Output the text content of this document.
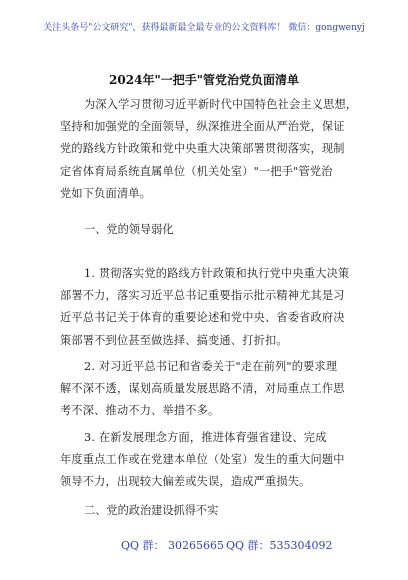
关注头条号"公文研究"，获得最新最全最专业的公文资料库！ 微信：gongwenyj
2024年"一把手"管党治党负面清单
为深入学习贯彻习近平新时代中国特色社会主义思想，
坚持和加强党的全面领导，纵深推进全面从严治党，保证
党的路线方针政策和党中央重大决策部署贯彻落实，现制
定省体育局系统直属单位（机关处室）"一把手"管党治
党如下负面清单。
一、党的领导弱化
1. 贯彻落实党的路线方针政策和执行党中央重大决策
部署不力，落实习近平总书记重要指示批示精神尤其是习
近平总书记关于体育的重要论述和党中央、省委省政府决
策部署不到位甚至做选择、搞变通、打折扣。
2. 对习近平总书记和省委关于"走在前列"的要求理
解不深不透，谋划高质量发展思路不清，对局重点工作思
考不深、推动不力、举措不多。
3. 在新发展理念方面，推进体育强省建设、完成
年度重点工作或在党建本单位（处室）发生的重大问题中
领导不力，出现较大偏差或失误，造成严重损失。
二、党的政治建设抓得不实
QQ 群： 30265665 QQ 群：535304092
